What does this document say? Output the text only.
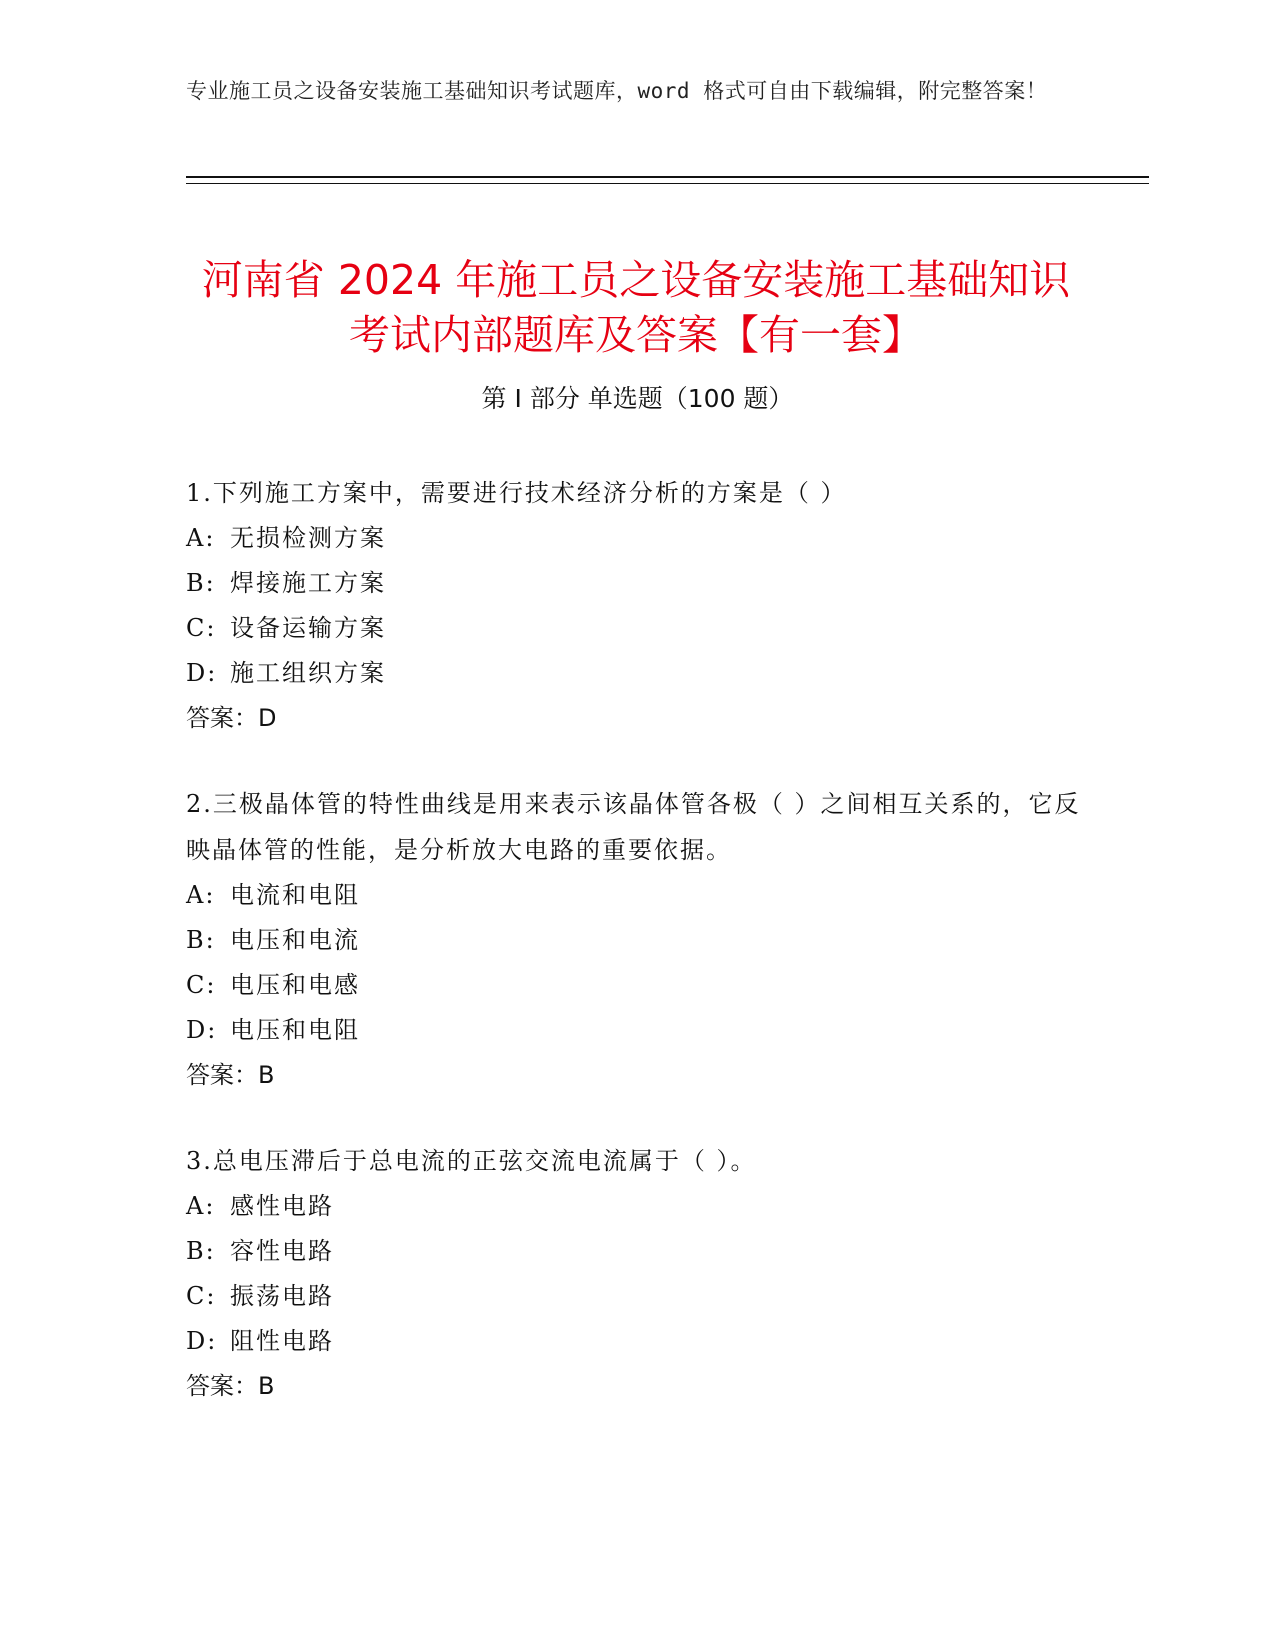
专业施工员之设备安装施工基础知识考试题库，word 格式可自由下载编辑，附完整答案！
河南省 2024 年施工员之设备安装施工基础知识考试内部题库及答案【有一套】
第 I 部分 单选题（100 题）
1.下列施工方案中，需要进行技术经济分析的方案是（ ）
A: 无损检测方案
B: 焊接施工方案
C: 设备运输方案
D: 施工组织方案
答案：D
2.三极晶体管的特性曲线是用来表示该晶体管各极（ ）之间相互关系的，它反映晶体管的性能，是分析放大电路的重要依据。
A: 电流和电阻
B: 电压和电流
C: 电压和电感
D: 电压和电阻
答案：B
3.总电压滞后于总电流的正弦交流电流属于（ ）。
A: 感性电路
B: 容性电路
C: 振荡电路
D: 阻性电路
答案：B
